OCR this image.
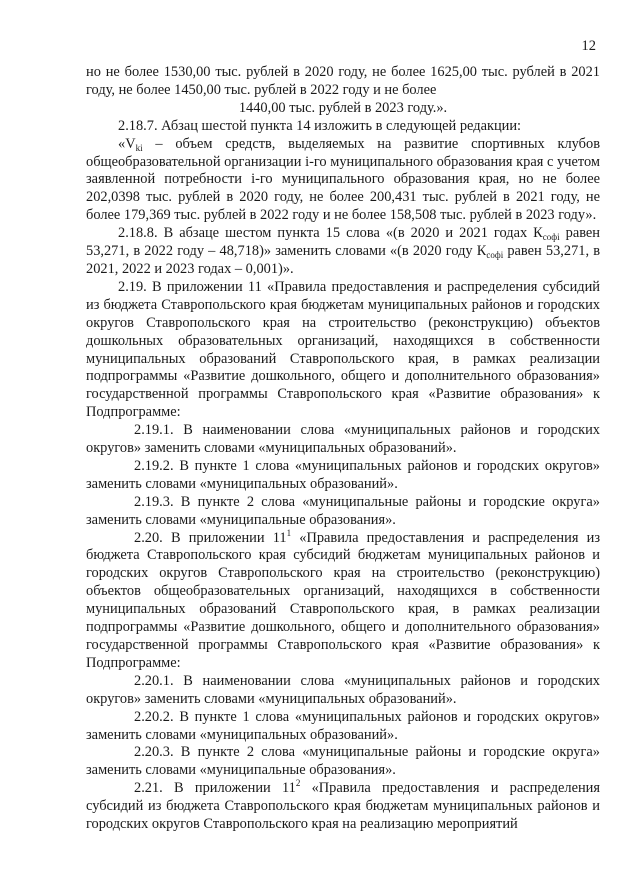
12

но не более 1530,00 тыс. рублей в 2020 году, не более 1625,00 тыс. рублей в 2021 году, не более 1450,00 тыс. рублей в 2022 году и не более

1440,00 тыс. рублей в 2023 году.».

2.18.7. Абзац шестой пункта 14 изложить в следующей редакции:

«$V_{ki}$ – объем средств, выделяемых на развитие спортивных клубов общеобразовательной организации i-го муниципального образования края с учетом заявленной потребности i-го муниципального образования края, но не более 202,0398 тыс. рублей в 2020 году, не более 200,431 тыс. рублей в 2021 году, не более 179,369 тыс. рублей в 2022 году и не более 158,508 тыс. рублей в 2023 году».

2.18.8. В абзаце шестом пункта 15 слова «(в 2020 и 2021 годах $К_{софі}$ равен 53,271, в 2022 году – 48,718)» заменить словами «(в 2020 году $К_{софі}$ равен 53,271, в 2021, 2022 и 2023 годах – 0,001)».

2.19. В приложении 11 «Правила предоставления и распределения субсидий из бюджета Ставропольского края бюджетам муниципальных районов и городских округов Ставропольского края на строительство (реконструкцию) объектов дошкольных образовательных организаций, находящихся в собственности муниципальных образований Ставропольского края, в рамках реализации подпрограммы «Развитие дошкольного, общего и дополнительного образования» государственной программы Ставропольского края «Развитие образования» к Подпрограмме:

2.19.1. В наименовании слова «муниципальных районов и городских округов» заменить словами «муниципальных образований».

2.19.2. В пункте 1 слова «муниципальных районов и городских округов» заменить словами «муниципальных образований».

2.19.3. В пункте 2 слова «муниципальные районы и городские округа» заменить словами «муниципальные образования».

2.20. В приложении $11^1$ «Правила предоставления и распределения из бюджета Ставропольского края субсидий бюджетам муниципальных районов и городских округов Ставропольского края на строительство (реконструкцию) объектов общеобразовательных организаций, находящихся в собственности муниципальных образований Ставропольского края, в рамках реализации подпрограммы «Развитие дошкольного, общего и дополнительного образования» государственной программы Ставропольского края «Развитие образования» к Подпрограмме:

2.20.1. В наименовании слова «муниципальных районов и городских округов» заменить словами «муниципальных образований».

2.20.2. В пункте 1 слова «муниципальных районов и городских округов» заменить словами «муниципальных образований».

2.20.3. В пункте 2 слова «муниципальные районы и городские округа» заменить словами «муниципальные образования».

2.21. В приложении $11^2$ «Правила предоставления и распределения субсидий из бюджета Ставропольского края бюджетам муниципальных районов и городских округов Ставропольского края на реализацию мероприятий
